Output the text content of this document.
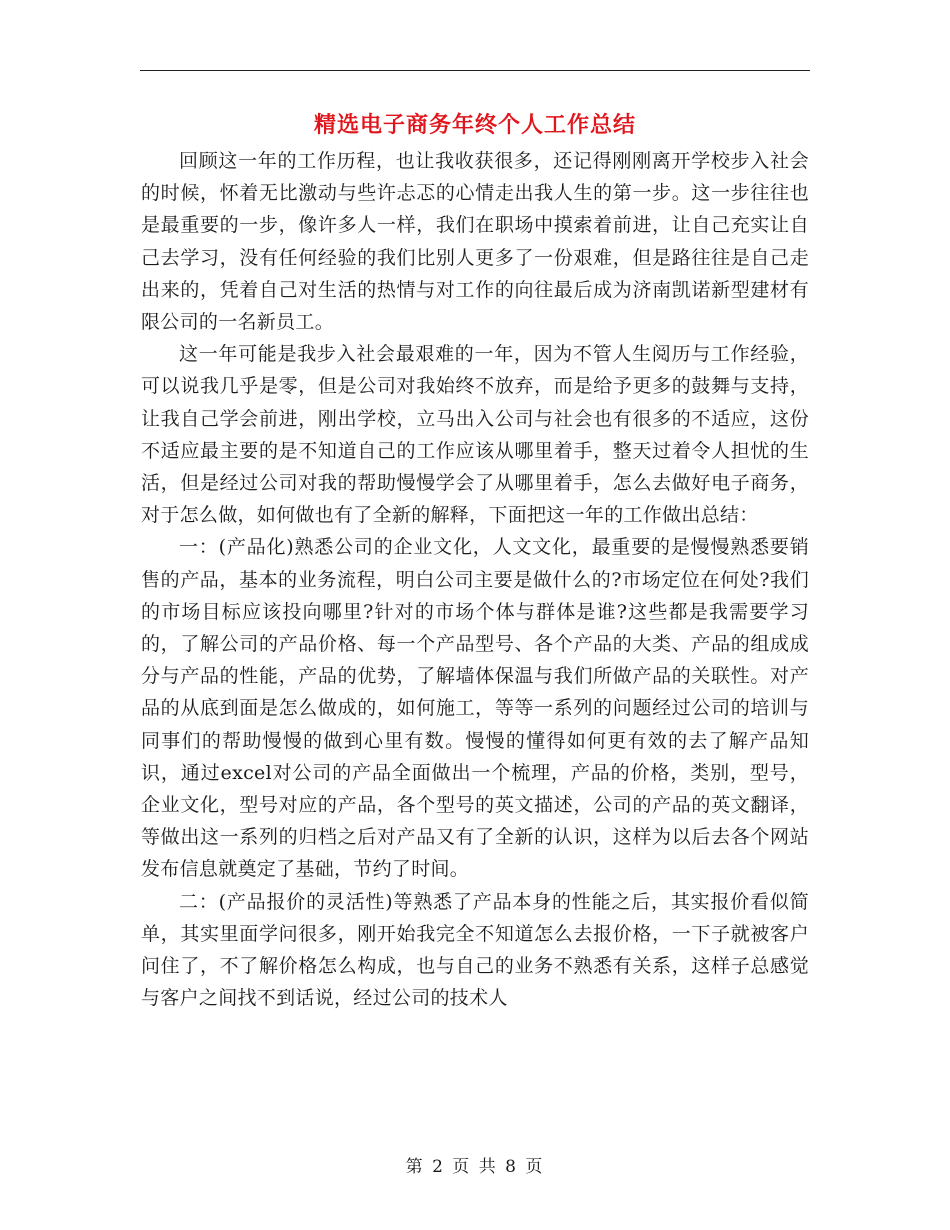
精选电子商务年终个人工作总结

回顾这一年的工作历程，也让我收获很多，还记得刚刚离开学校步入社会的时候，怀着无比激动与些许忐忑的心情走出我人生的第一步。这一步往往也是最重要的一步，像许多人一样，我们在职场中摸索着前进，让自己充实让自己去学习，没有任何经验的我们比别人更多了一份艰难，但是路往往是自己走出来的，凭着自己对生活的热情与对工作的向往最后成为济南凯诺新型建材有限公司的一名新员工。

这一年可能是我步入社会最艰难的一年，因为不管人生阅历与工作经验，可以说我几乎是零，但是公司对我始终不放弃，而是给予更多的鼓舞与支持，让我自己学会前进，刚出学校，立马出入公司与社会也有很多的不适应，这份不适应最主要的是不知道自己的工作应该从哪里着手，整天过着令人担忧的生活，但是经过公司对我的帮助慢慢学会了从哪里着手，怎么去做好电子商务，对于怎么做，如何做也有了全新的解释，下面把这一年的工作做出总结：

一：(产品化)熟悉公司的企业文化，人文文化，最重要的是慢慢熟悉要销售的产品，基本的业务流程，明白公司主要是做什么的?市场定位在何处?我们的市场目标应该投向哪里?针对的市场个体与群体是谁?这些都是我需要学习的，了解公司的产品价格、每一个产品型号、各个产品的大类、产品的组成成分与产品的性能，产品的优势，了解墙体保温与我们所做产品的关联性。对产品的从底到面是怎么做成的，如何施工，等等一系列的问题经过公司的培训与同事们的帮助慢慢的做到心里有数。慢慢的懂得如何更有效的去了解产品知识，通过excel对公司的产品全面做出一个梳理，产品的价格，类别，型号，企业文化，型号对应的产品，各个型号的英文描述，公司的产品的英文翻译，等做出这一系列的归档之后对产品又有了全新的认识，这样为以后去各个网站发布信息就奠定了基础，节约了时间。

二：(产品报价的灵活性)等熟悉了产品本身的性能之后，其实报价看似简单，其实里面学问很多，刚开始我完全不知道怎么去报价格，一下子就被客户问住了，不了解价格怎么构成，也与自己的业务不熟悉有关系，这样子总感觉与客户之间找不到话说，经过公司的技术人

第 2 页 共 8 页
